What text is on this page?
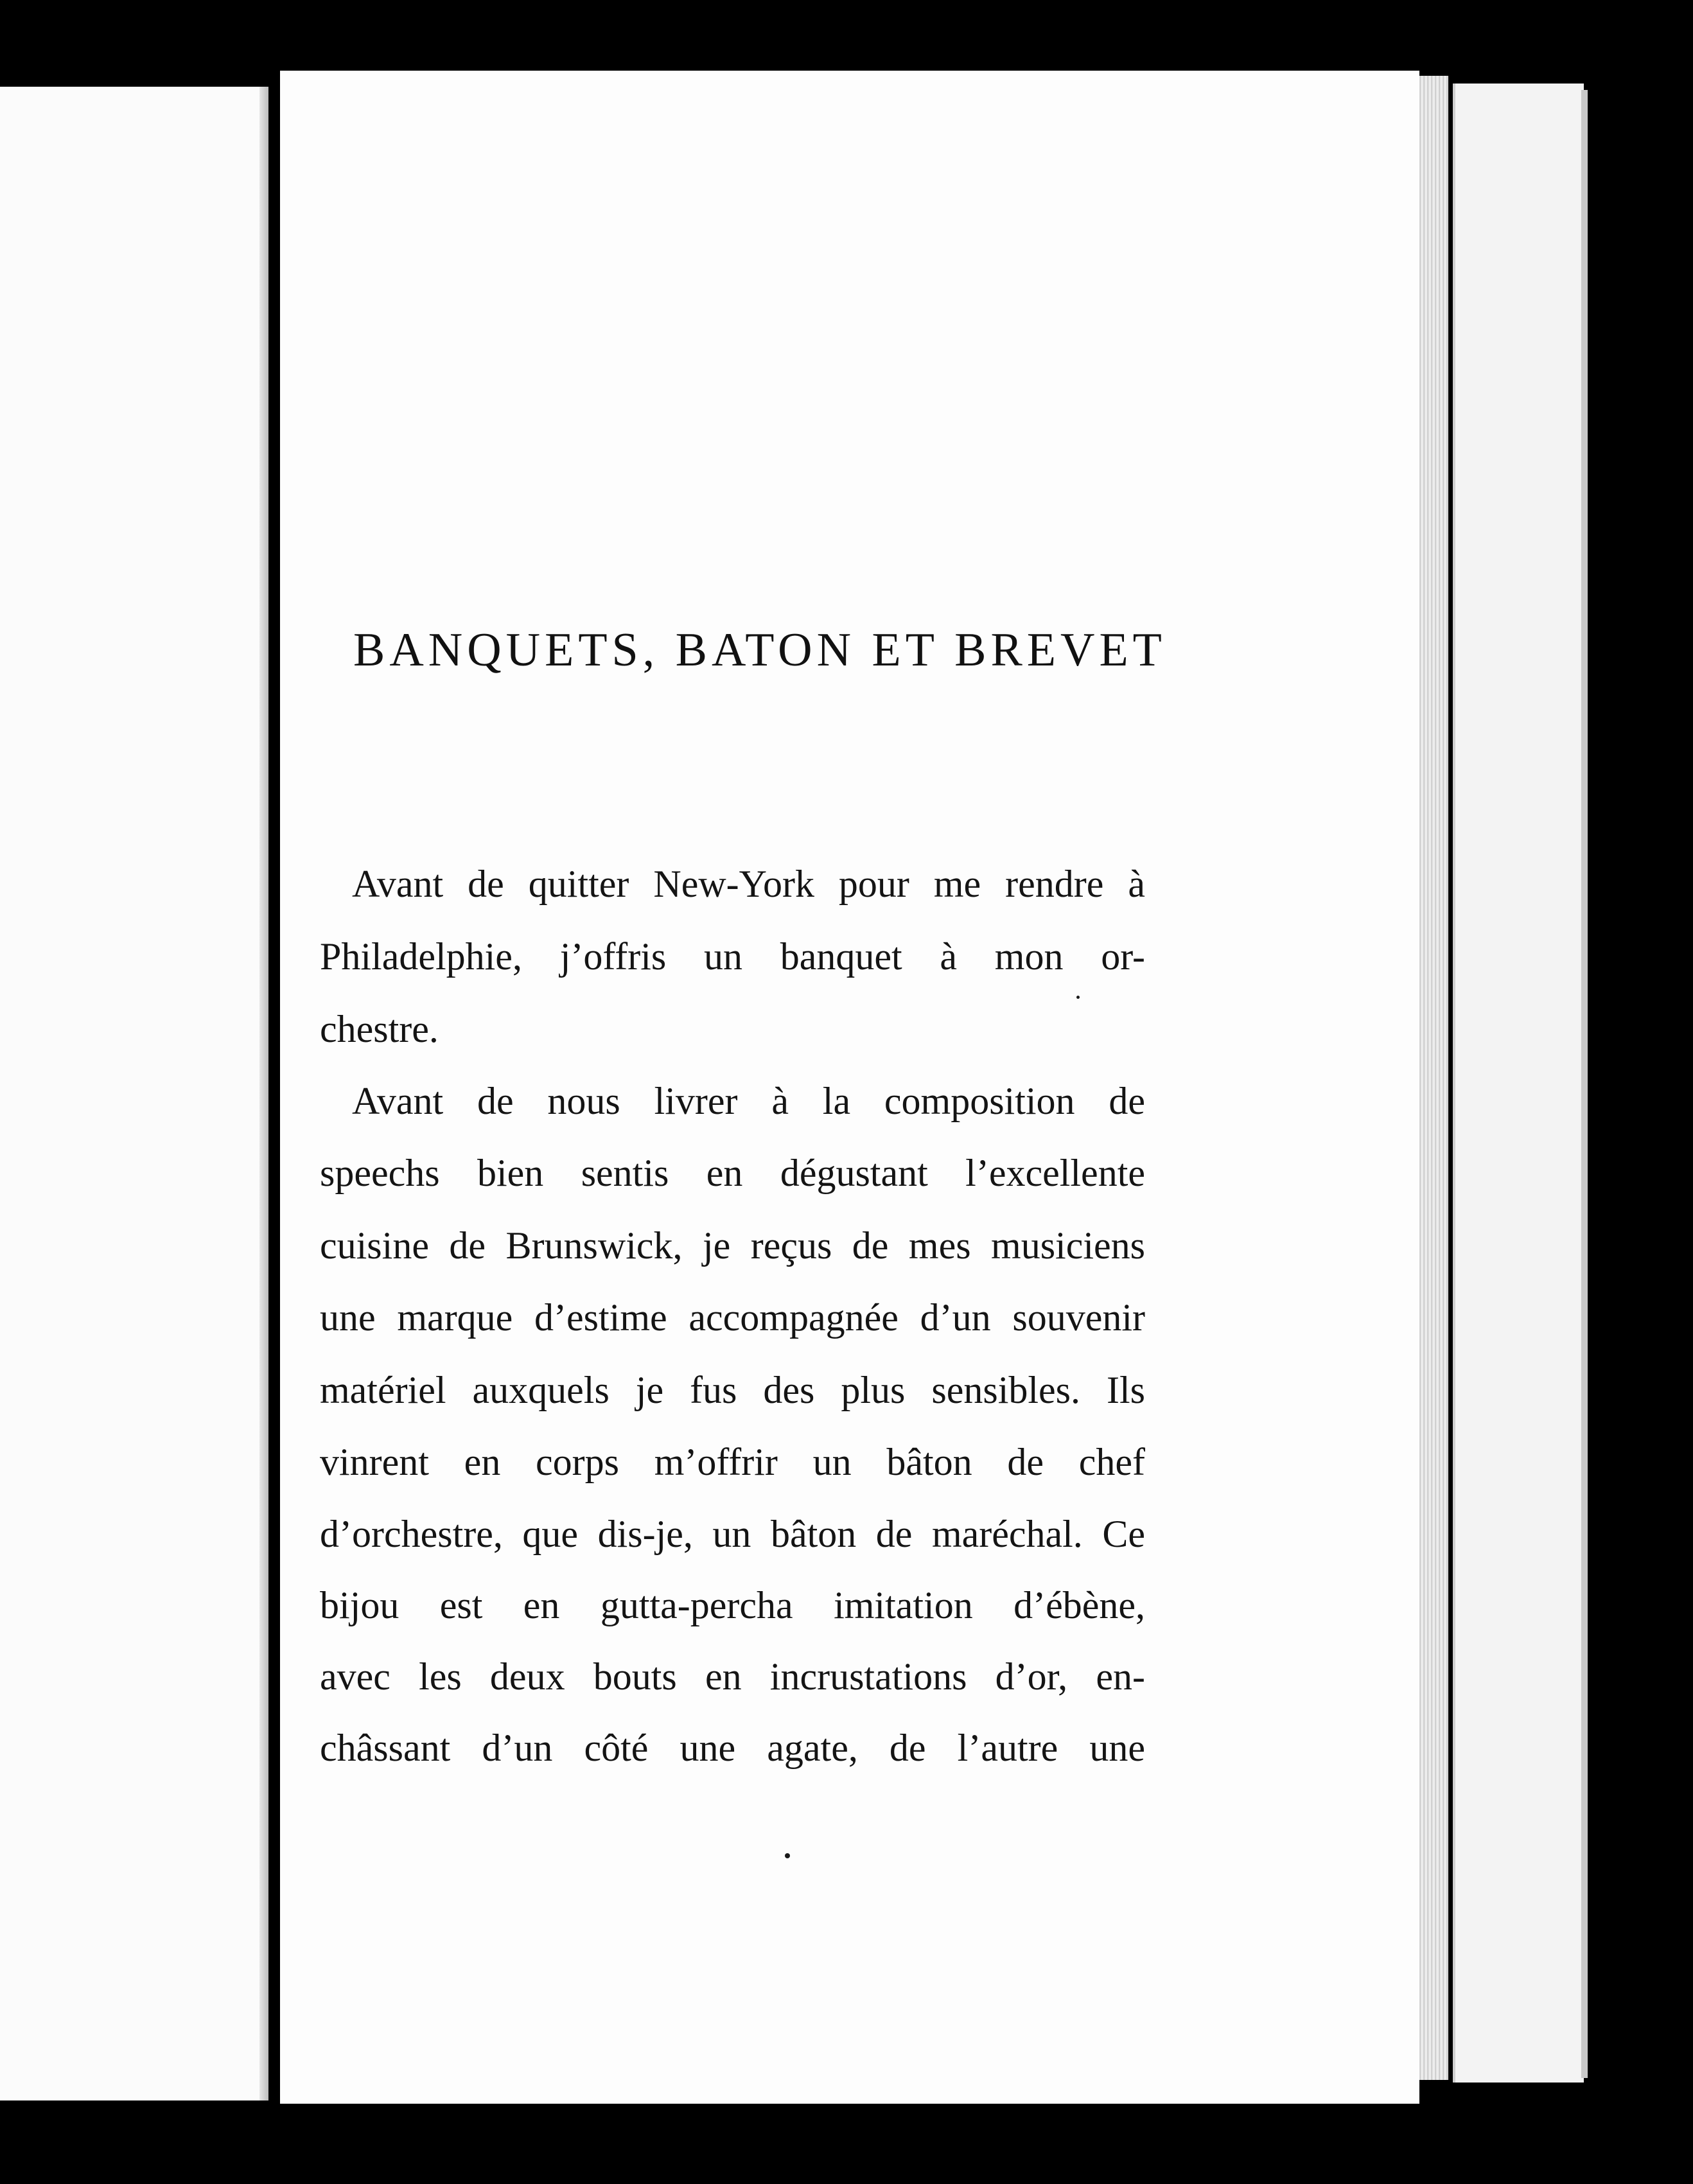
BANQUETS, BATON ET BREVET
Avant de quitter New-York pour me rendre à
Philadelphie, j’offris un banquet à mon or-
chestre.
Avant de nous livrer à la composition de
speechs bien sentis en dégustant l’excellente
cuisine de Brunswick, je reçus de mes musiciens
une marque d’estime accompagnée d’un souvenir
matériel auxquels je fus des plus sensibles. Ils
vinrent en corps m’offrir un bâton de chef
d’orchestre, que dis-je, un bâton de maréchal. Ce
bijou est en gutta-percha imitation d’ébène,
avec les deux bouts en incrustations d’or, en-
châssant d’un côté une agate, de l’autre une
